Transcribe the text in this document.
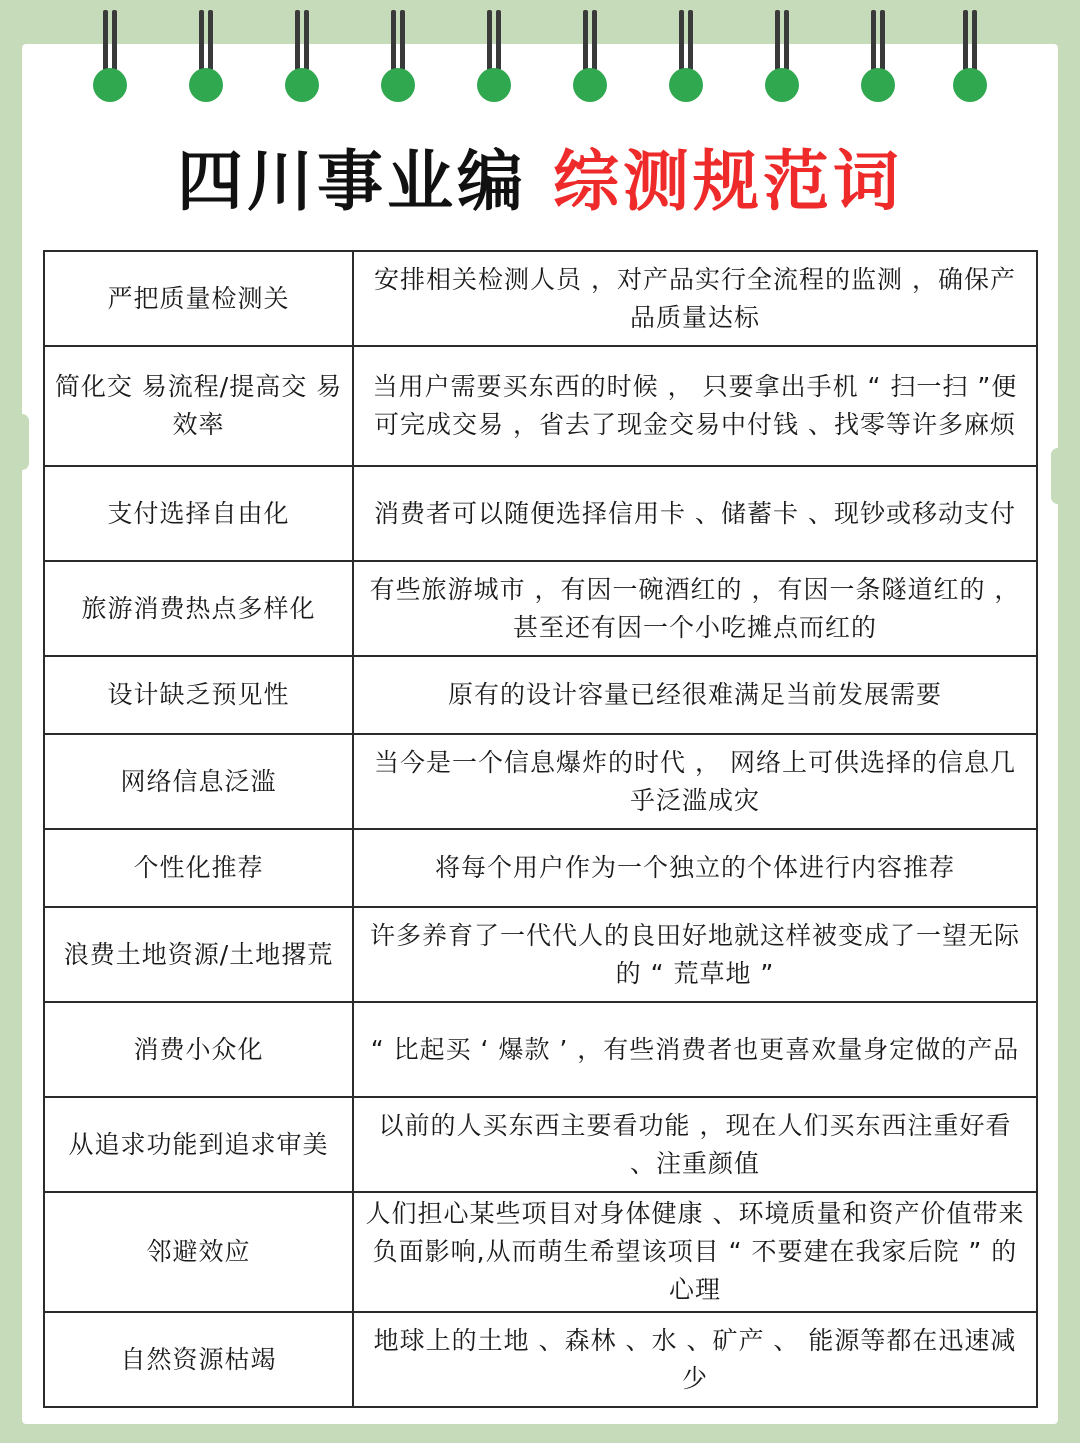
四川事业编 综测规范词
严把质量检测关	安排相关检测人员 ，对产品实行全流程的监测 ，确保产品质量达标
简化交 易流程/提高交 易效率	当用户需要买东西的时候 ， 只要拿出手机 “ 扫一扫 ”便可完成交易 ，省去了现金交易中付钱 、找零等许多麻烦
支付选择自由化	消费者可以随便选择信用卡 、储蓄卡 、现钞或移动支付
旅游消费热点多样化	有些旅游城市 ，有因一碗酒红的 ，有因一条隧道红的 ，甚至还有因一个小吃摊点而红的
设计缺乏预见性	原有的设计容量已经很难满足当前发展需要
网络信息泛滥	当今是一个信息爆炸的时代 ， 网络上可供选择的信息几乎泛滥成灾
个性化推荐	将每个用户作为一个独立的个体进行内容推荐
浪费土地资源/土地撂荒	许多养育了一代代人的良田好地就这样被变成了一望无际的 “ 荒草地 ”
消费小众化	“ 比起买 ‘ 爆款 ’ ，有些消费者也更喜欢量身定做的产品
从追求功能到追求审美	以前的人买东西主要看功能 ，现在人们买东西注重好看 、注重颜值
邻避效应	人们担心某些项目对身体健康 、环境质量和资产价值带来负面影响,从而萌生希望该项目 “ 不要建在我家后院 ” 的心理
自然资源枯竭	地球上的土地 、森林 、水 、矿产 、 能源等都在迅速减少
